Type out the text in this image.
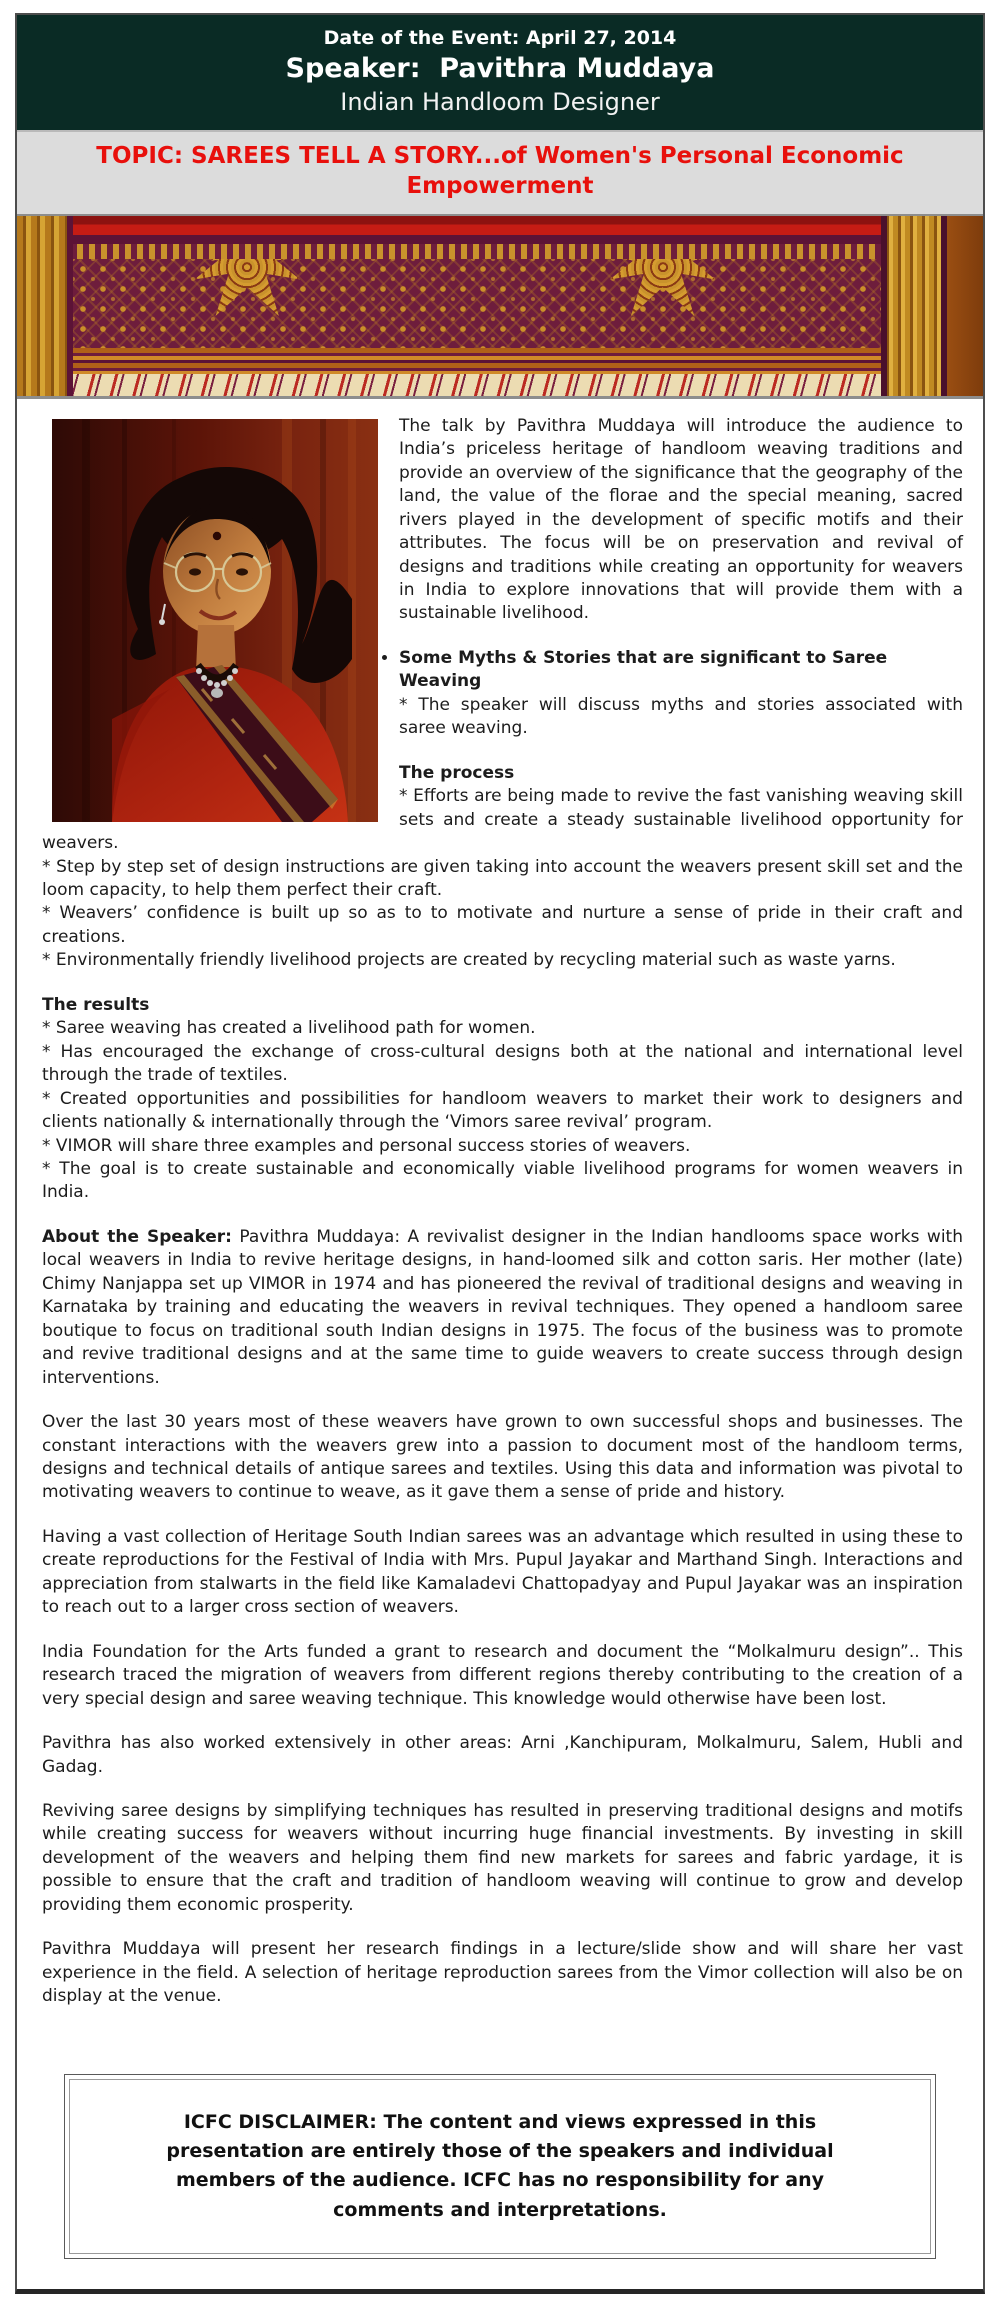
Date of the Event: April 27, 2014
Speaker:  Pavithra Muddaya
Indian Handloom Designer
TOPIC: SAREES TELL A STORY...of Women's Personal Economic Empowerment

The talk by Pavithra Muddaya will introduce the audience to India’s priceless heritage of handloom weaving traditions and provide an overview of the significance that the geography of the land, the value of the florae and the special meaning, sacred rivers played in the development of specific motifs and their attributes. The focus will be on preservation and revival of designs and traditions while creating an opportunity for weavers in India to explore innovations that will provide them with a sustainable livelihood.

Some Myths & Stories that are significant to Saree Weaving

* The speaker will discuss myths and stories associated with saree weaving.

The process

* Efforts are being made to revive the fast vanishing weaving skill sets and create a steady sustainable livelihood opportunity for weavers.

* Step by step set of design instructions are given taking into account the weavers present skill set and the loom capacity, to help them perfect their craft.

* Weavers’ confidence is built up so as to to motivate and nurture a sense of pride in their craft and creations.

* Environmentally friendly livelihood projects are created by recycling material such as waste yarns.

The results

* Saree weaving has created a livelihood path for women.

* Has encouraged the exchange of cross-cultural designs both at the national and international level through the trade of textiles.

* Created opportunities and possibilities for handloom weavers to market their work to designers and clients nationally & internationally through the ‘Vimors saree revival’ program.

* VIMOR will share three examples and personal success stories of weavers.

* The goal is to create sustainable and economically viable livelihood programs for women weavers in India.

About the Speaker: Pavithra Muddaya: A revivalist designer in the Indian handlooms space works with local weavers in India to revive heritage designs, in hand-loomed silk and cotton saris. Her mother (late) Chimy Nanjappa set up VIMOR in 1974 and has pioneered the revival of traditional designs and weaving in Karnataka by training and educating the weavers in revival techniques. They opened a handloom saree boutique to focus on traditional south Indian designs in 1975. The focus of the business was to promote and revive traditional designs and at the same time to guide weavers to create success through design interventions.

Over the last 30 years most of these weavers have grown to own successful shops and businesses. The constant interactions with the weavers grew into a passion to document most of the handloom terms, designs and technical details of antique sarees and textiles. Using this data and information was pivotal to motivating weavers to continue to weave, as it gave them a sense of pride and history.

Having a vast collection of Heritage South Indian sarees was an advantage which resulted in using these to create reproductions for the Festival of India with Mrs. Pupul Jayakar and Marthand Singh. Interactions and appreciation from stalwarts in the field like Kamaladevi Chattopadyay and Pupul Jayakar was an inspiration to reach out to a larger cross section of weavers.

India Foundation for the Arts funded a grant to research and document the “Molkalmuru design”.. This research traced the migration of weavers from different regions thereby contributing to the creation of a very special design and saree weaving technique. This knowledge would otherwise have been lost.

Pavithra has also worked extensively in other areas: Arni ,Kanchipuram, Molkalmuru, Salem, Hubli and Gadag.

Reviving saree designs by simplifying techniques has resulted in preserving traditional designs and motifs while creating success for weavers without incurring huge financial investments. By investing in skill development of the weavers and helping them find new markets for sarees and fabric yardage, it is possible to ensure that the craft and tradition of handloom weaving will continue to grow and develop providing them economic prosperity.

Pavithra Muddaya will present her research findings in a lecture/slide show and will share her vast experience in the field. A selection of heritage reproduction sarees from the Vimor collection will also be on display at the venue.

ICFC DISCLAIMER: The content and views expressed in this presentation are entirely those of the speakers and individual members of the audience. ICFC has no responsibility for any comments and interpretations.
